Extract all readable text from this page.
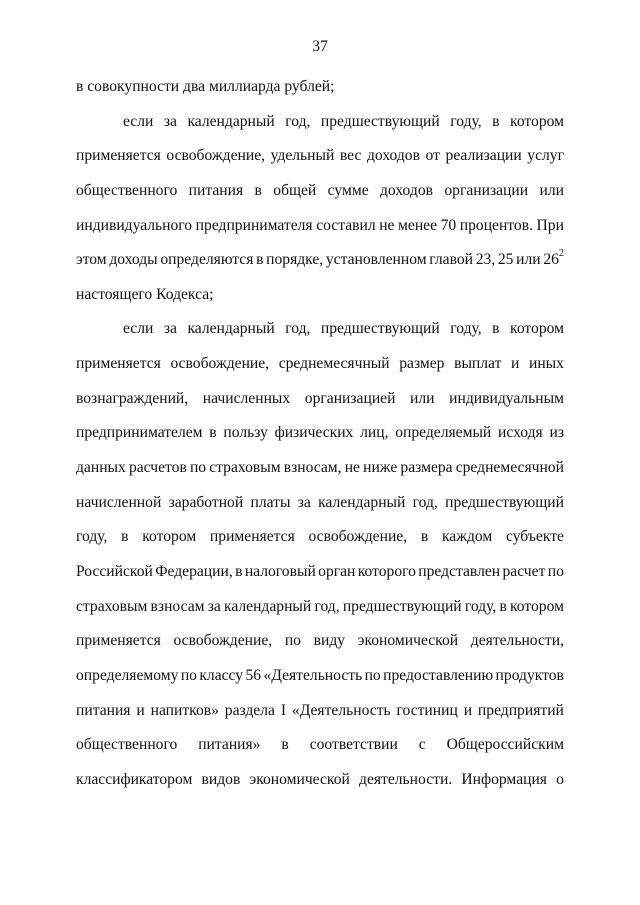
37
в совокупности два миллиарда рублей;
если за календарный год, предшествующий году, в котором
применяется освобождение, удельный вес доходов от реализации услуг
общественного питания в общей сумме доходов организации или
индивидуального предпринимателя составил не менее 70 процентов. При
этом доходы определяются в порядке, установленном главой 23, 25 или $26^2$
настоящего Кодекса;
если за календарный год, предшествующий году, в котором
применяется освобождение, среднемесячный размер выплат и иных
вознаграждений, начисленных организацией или индивидуальным
предпринимателем в пользу физических лиц, определяемый исходя из
данных расчетов по страховым взносам, не ниже размера среднемесячной
начисленной заработной платы за календарный год, предшествующий
году, в котором применяется освобождение, в каждом субъекте
Российской Федерации, в налоговый орган которого представлен расчет по
страховым взносам за календарный год, предшествующий году, в котором
применяется освобождение, по виду экономической деятельности,
определяемому по классу 56 «Деятельность по предоставлению продуктов
питания и напитков» раздела I «Деятельность гостиниц и предприятий
общественного питания» в соответствии с Общероссийским
классификатором видов экономической деятельности. Информация о
